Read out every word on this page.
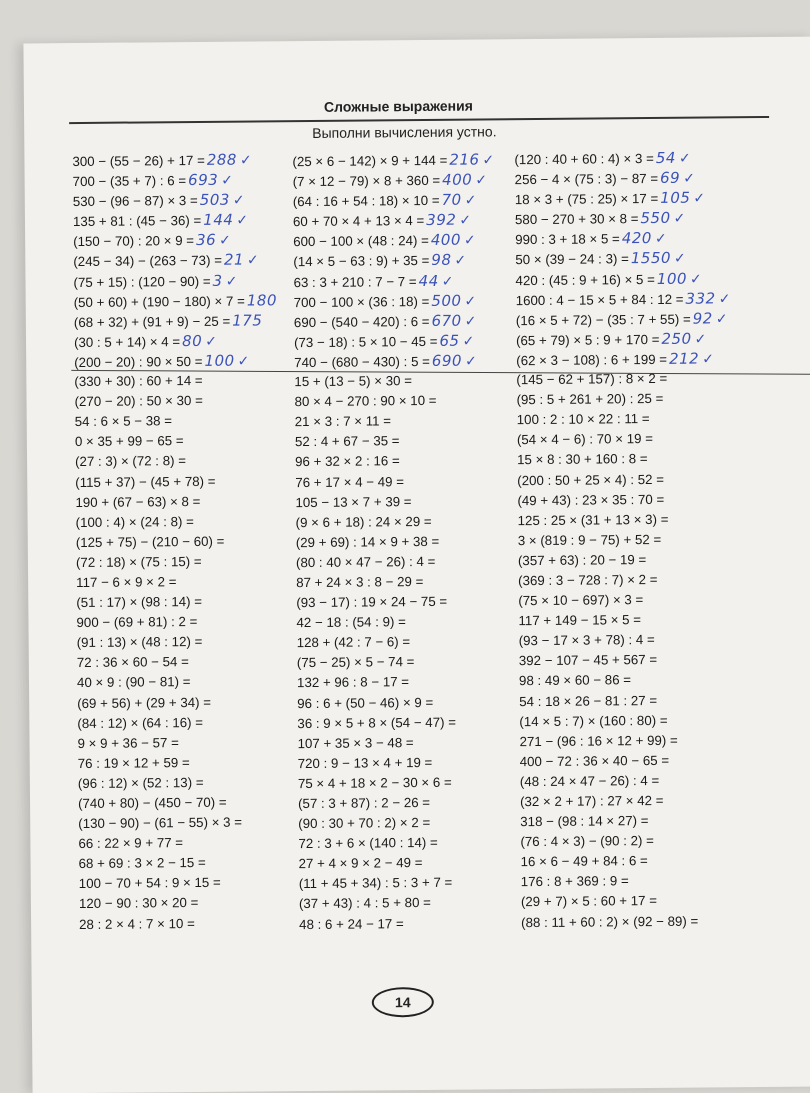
Сложные выражения
Выполни вычисления устно.
300 − (55 − 26) + 17 = 288 ✓
700 − (35 + 7) : 6 = 693 ✓
530 − (96 − 87) × 3 = 503 ✓
135 + 81 : (45 − 36) = 144 ✓
(150 − 70) : 20 × 9 = 36 ✓
(245 − 34) − (263 − 73) = 21 ✓
(75 + 15) : (120 − 90) = 3 ✓
(50 + 60) + (190 − 180) × 7 = 180
(68 + 32) + (91 + 9) − 25 = 175
(30 : 5 + 14) × 4 = 80 ✓
(200 − 20) : 90 × 50 = 100 ✓
(330 + 30) : 60 + 14 =
(270 − 20) : 50 × 30 =
54 : 6 × 5 − 38 =
0 × 35 + 99 − 65 =
(27 : 3) × (72 : 8) =
(115 + 37) − (45 + 78) =
190 + (67 − 63) × 8 =
(100 : 4) × (24 : 8) =
(125 + 75) − (210 − 60) =
(72 : 18) × (75 : 15) =
117 − 6 × 9 × 2 =
(51 : 17) × (98 : 14) =
900 − (69 + 81) : 2 =
(91 : 13) × (48 : 12) =
72 : 36 × 60 − 54 =
40 × 9 : (90 − 81) =
(69 + 56) + (29 + 34) =
(84 : 12) × (64 : 16) =
9 × 9 + 36 − 57 =
76 : 19 × 12 + 59 =
(96 : 12) × (52 : 13) =
(740 + 80) − (450 − 70) =
(130 − 90) − (61 − 55) × 3 =
66 : 22 × 9 + 77 =
68 + 69 : 3 × 2 − 15 =
100 − 70 + 54 : 9 × 15 =
120 − 90 : 30 × 20 =
28 : 2 × 4 : 7 × 10 =
(25 × 6 − 142) × 9 + 144 = 216 ✓
(7 × 12 − 79) × 8 + 360 = 400 ✓
(64 : 16 + 54 : 18) × 10 = 70 ✓
60 + 70 × 4 + 13 × 4 = 392 ✓
600 − 100 × (48 : 24) = 400 ✓
(14 × 5 − 63 : 9) + 35 = 98 ✓
63 : 3 + 210 : 7 − 7 = 44 ✓
700 − 100 × (36 : 18) = 500 ✓
690 − (540 − 420) : 6 = 670 ✓
(73 − 18) : 5 × 10 − 45 = 65 ✓
740 − (680 − 430) : 5 = 690 ✓
15 + (13 − 5) × 30 =
80 × 4 − 270 : 90 × 10 =
21 × 3 : 7 × 11 =
52 : 4 + 67 − 35 =
96 + 32 × 2 : 16 =
76 + 17 × 4 − 49 =
105 − 13 × 7 + 39 =
(9 × 6 + 18) : 24 × 29 =
(29 + 69) : 14 × 9 + 38 =
(80 : 40 × 47 − 26) : 4 =
87 + 24 × 3 : 8 − 29 =
(93 − 17) : 19 × 24 − 75 =
42 − 18 : (54 : 9) =
128 + (42 : 7 − 6) =
(75 − 25) × 5 − 74 =
132 + 96 : 8 − 17 =
96 : 6 + (50 − 46) × 9 =
36 : 9 × 5 + 8 × (54 − 47) =
107 + 35 × 3 − 48 =
720 : 9 − 13 × 4 + 19 =
75 × 4 + 18 × 2 − 30 × 6 =
(57 : 3 + 87) : 2 − 26 =
(90 : 30 + 70 : 2) × 2 =
72 : 3 + 6 × (140 : 14) =
27 + 4 × 9 × 2 − 49 =
(11 + 45 + 34) : 5 : 3 + 7 =
(37 + 43) : 4 : 5 + 80 =
48 : 6 + 24 − 17 =
(120 : 40 + 60 : 4) × 3 = 54 ✓
256 − 4 × (75 : 3) − 87 = 69 ✓
18 × 3 + (75 : 25) × 17 = 105 ✓
580 − 270 + 30 × 8 = 550 ✓
990 : 3 + 18 × 5 = 420 ✓
50 × (39 − 24 : 3) = 1550 ✓
420 : (45 : 9 + 16) × 5 = 100 ✓
1600 : 4 − 15 × 5 + 84 : 12 = 332 ✓
(16 × 5 + 72) − (35 : 7 + 55) = 92 ✓
(65 + 79) × 5 : 9 + 170 = 250 ✓
(62 × 3 − 108) : 6 + 199 = 212 ✓
(145 − 62 + 157) : 8 × 2 =
(95 : 5 + 261 + 20) : 25 =
100 : 2 : 10 × 22 : 11 =
(54 × 4 − 6) : 70 × 19 =
15 × 8 : 30 + 160 : 8 =
(200 : 50 + 25 × 4) : 52 =
(49 + 43) : 23 × 35 : 70 =
125 : 25 × (31 + 13 × 3) =
3 × (819 : 9 − 75) + 52 =
(357 + 63) : 20 − 19 =
(369 : 3 − 728 : 7) × 2 =
(75 × 10 − 697) × 3 =
117 + 149 − 15 × 5 =
(93 − 17 × 3 + 78) : 4 =
392 − 107 − 45 + 567 =
98 : 49 × 60 − 86 =
54 : 18 × 26 − 81 : 27 =
(14 × 5 : 7) × (160 : 80) =
271 − (96 : 16 × 12 + 99) =
400 − 72 : 36 × 40 − 65 =
(48 : 24 × 47 − 26) : 4 =
(32 × 2 + 17) : 27 × 42 =
318 − (98 : 14 × 27) =
(76 : 4 × 3) − (90 : 2) =
16 × 6 − 49 + 84 : 6 =
176 : 8 + 369 : 9 =
(29 + 7) × 5 : 60 + 17 =
(88 : 11 + 60 : 2) × (92 − 89) =
14
